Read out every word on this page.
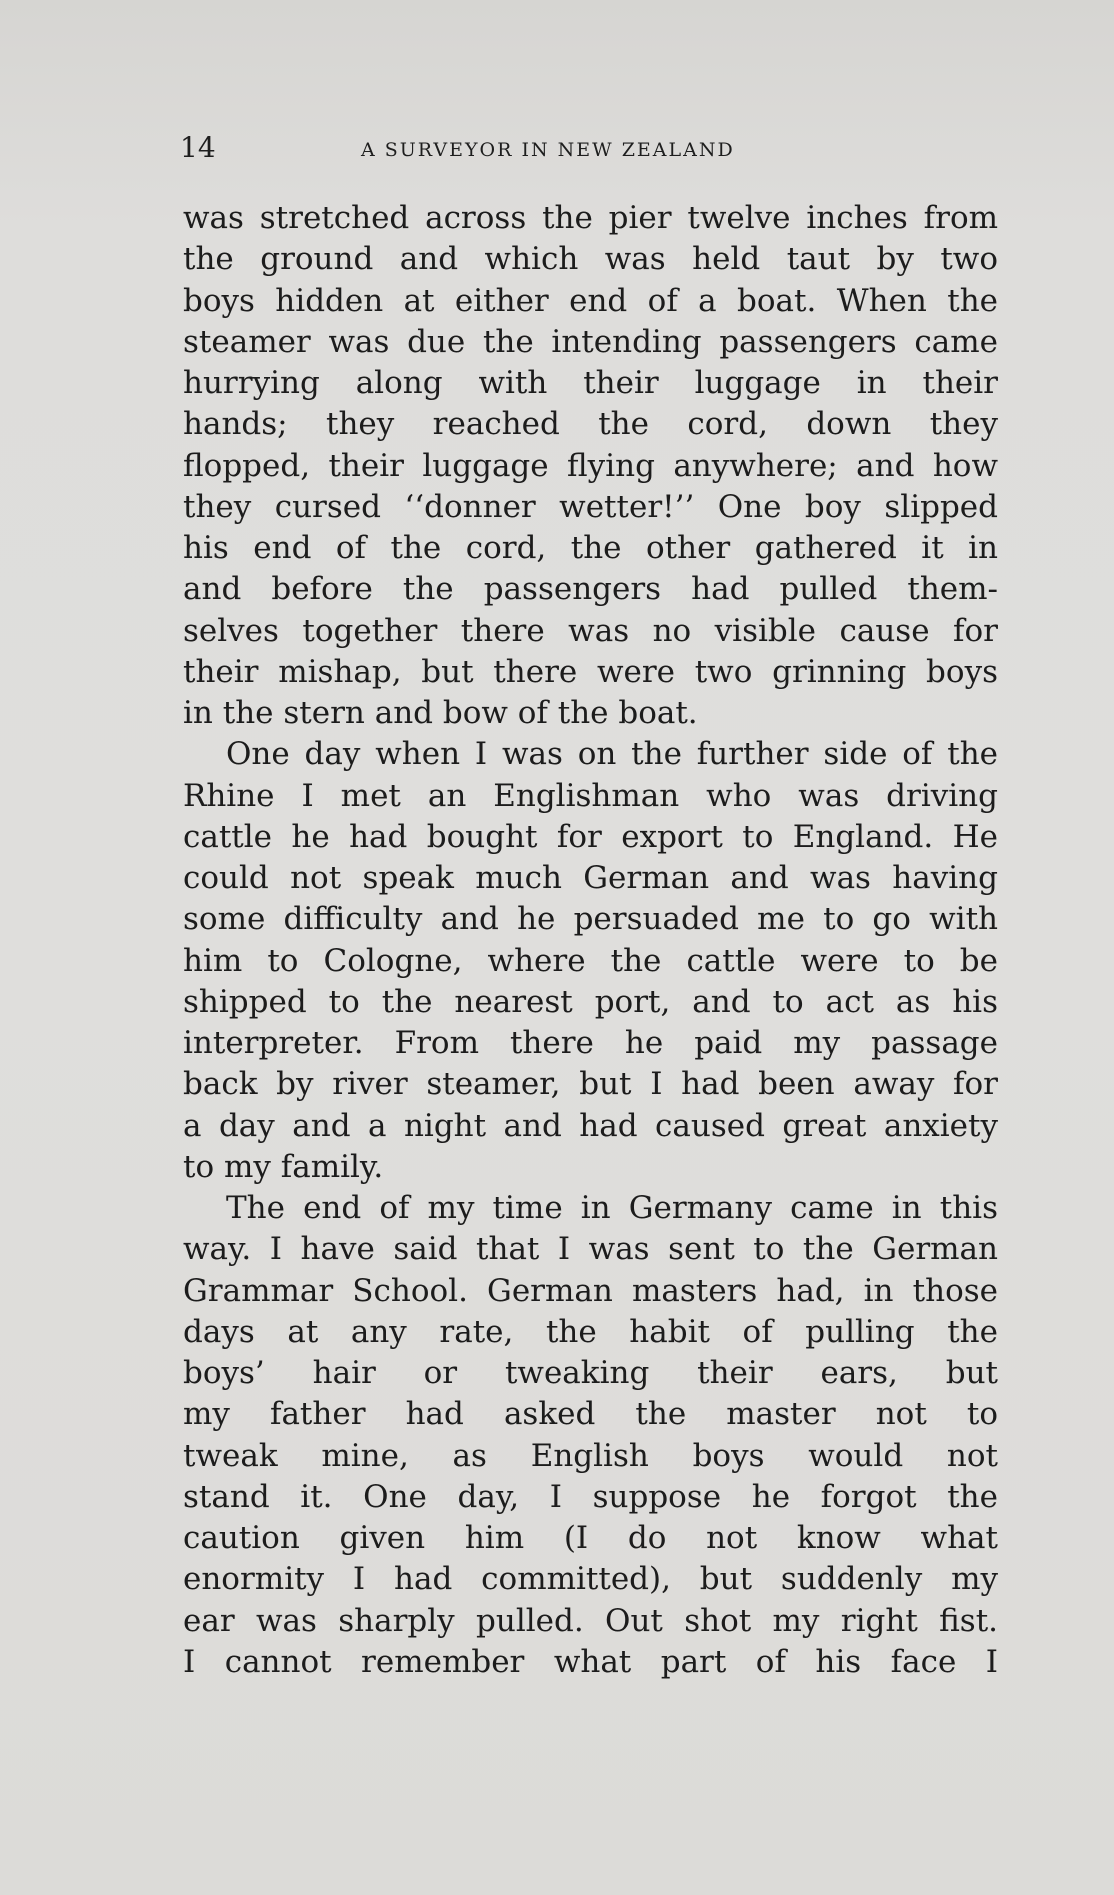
14	A SURVEYOR IN NEW ZEALAND
was stretched across the pier twelve inches from
the ground and which was held taut by two
boys hidden at either end of a boat. When the
steamer was due the intending passengers came
hurrying along with their luggage in their
hands; they reached the cord, down they
flopped, their luggage flying anywhere; and how
they cursed ‘‘donner wetter!’’ One boy slipped
his end of the cord, the other gathered it in
and before the passengers had pulled them-
selves together there was no visible cause for
their mishap, but there were two grinning boys
in the stern and bow of the boat.
One day when I was on the further side of the
Rhine I met an Englishman who was driving
cattle he had bought for export to England. He
could not speak much German and was having
some difficulty and he persuaded me to go with
him to Cologne, where the cattle were to be
shipped to the nearest port, and to act as his
interpreter. From there he paid my passage
back by river steamer, but I had been away for
a day and a night and had caused great anxiety
to my family.
The end of my time in Germany came in this
way. I have said that I was sent to the German
Grammar School. German masters had, in those
days at any rate, the habit of pulling the
boys’ hair or tweaking their ears, but
my father had asked the master not to
tweak mine, as English boys would not
stand it. One day, I suppose he forgot the
caution given him (I do not know what
enormity I had committed), but suddenly my
ear was sharply pulled. Out shot my right fist.
I cannot remember what part of his face I
